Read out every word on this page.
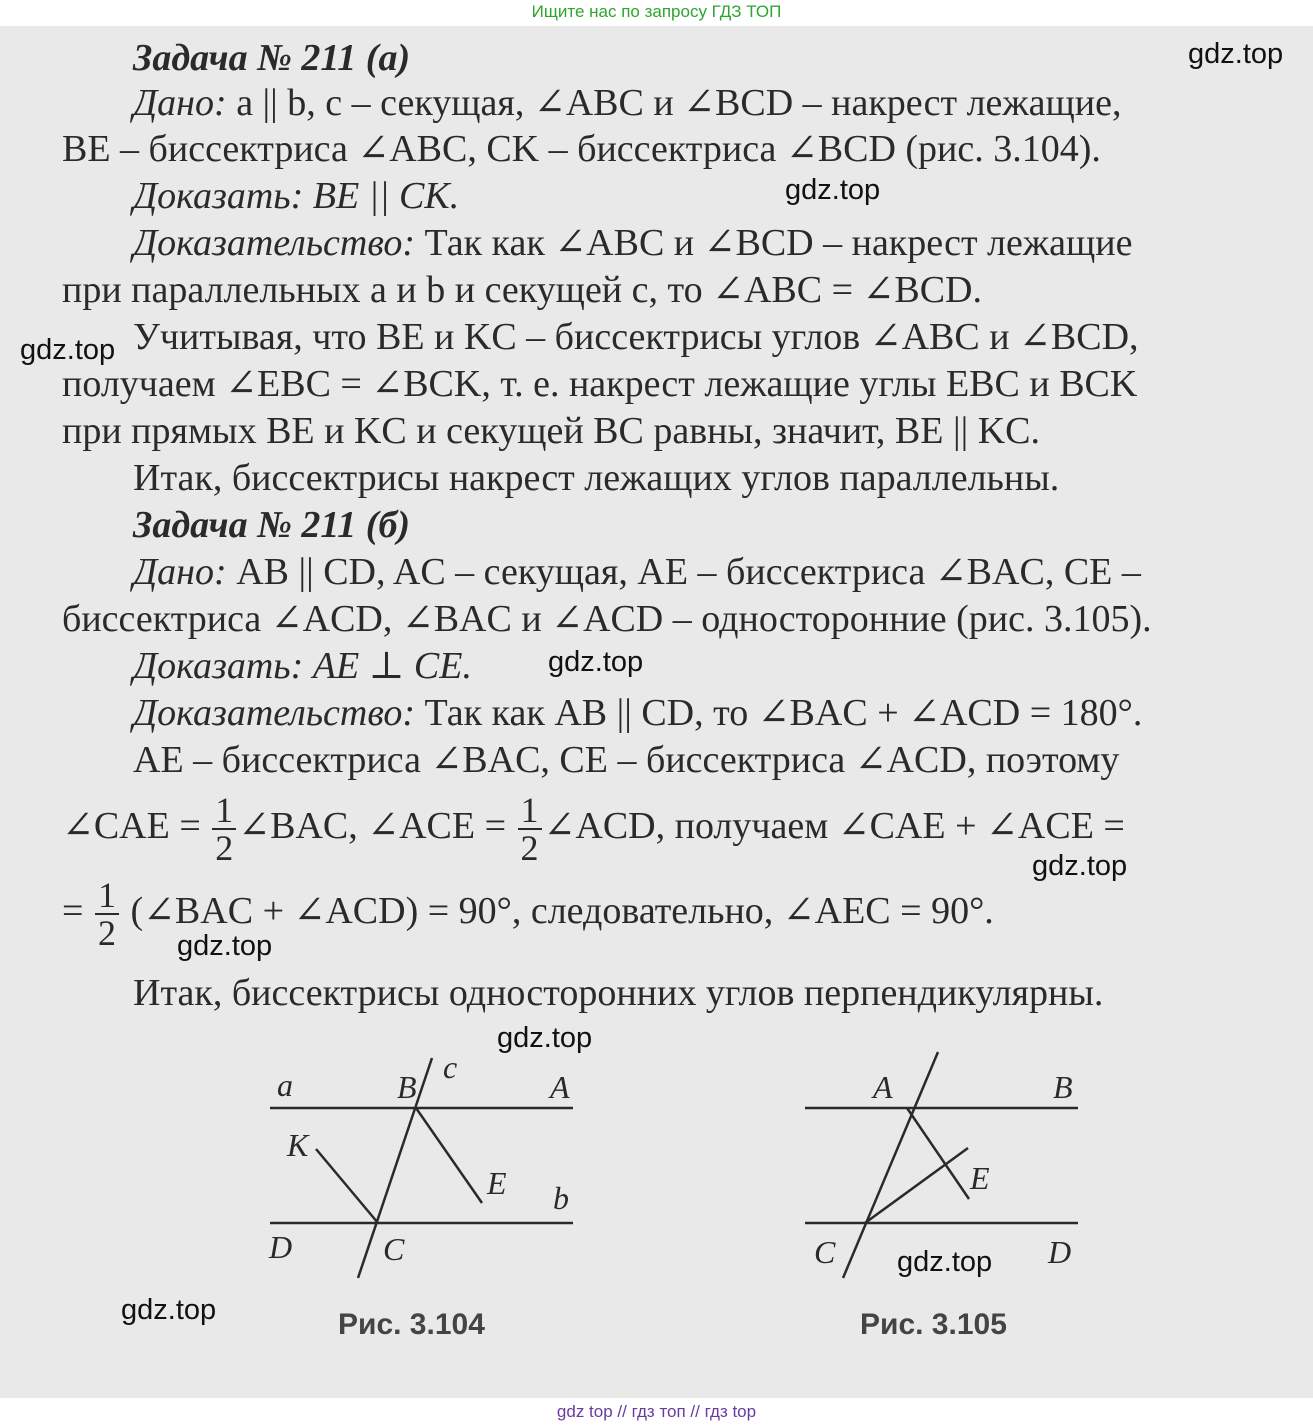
Ищите нас по запросу ГДЗ ТОП
Задача № 211 (а)
Дано: a || b, c – секущая, ∠ABC и ∠BCD – накрест лежащие,
BE – биссектриса ∠ABC, CK – биссектриса ∠BCD (рис. 3.104).
Доказать: BE || CK.
Доказательство: Так как ∠ABC и ∠BCD – накрест лежащие
при параллельных a и b и секущей c, то ∠ABC = ∠BCD.
Учитывая, что BE и KC – биссектрисы углов ∠ABC и ∠BCD,
получаем ∠EBC = ∠BCK, т. е. накрест лежащие углы EBC и BCK
при прямых BE и KC и секущей BC равны, значит, BE || KC.
Итак, биссектрисы накрест лежащих углов параллельны.
Задача № 211 (б)
Дано: AB || CD, AC – секущая, AE – биссектриса ∠BAC, CE –
биссектриса ∠ACD, ∠BAC и ∠ACD – односторонние (рис. 3.105).
Доказать: AE ⊥ CE.
Доказательство: Так как AB || CD, то ∠BAC + ∠ACD = 180°.
AE – биссектриса ∠BAC, CE – биссектриса ∠ACD, поэтому
∠CAE = $\frac{1}{2}$ ∠BAC, ∠ACE = $\frac{1}{2}$ ∠ACD, получаем ∠CAE + ∠ACE =
= $\frac{1}{2}$ (∠BAC + ∠ACD) = 90°, следовательно, ∠AEC = 90°.
Итак, биссектрисы односторонних углов перпендикулярны.
a	B
c
A
K
E b
D	C
Рис. 3.104
A	B
E
C	D
Рис. 3.105
gdz.top
gdz.top
gdz.top
gdz.top
gdz.top
gdz.top
gdz.top
gdz.top
gdz.top
gdz top // гдз топ // гдз top
